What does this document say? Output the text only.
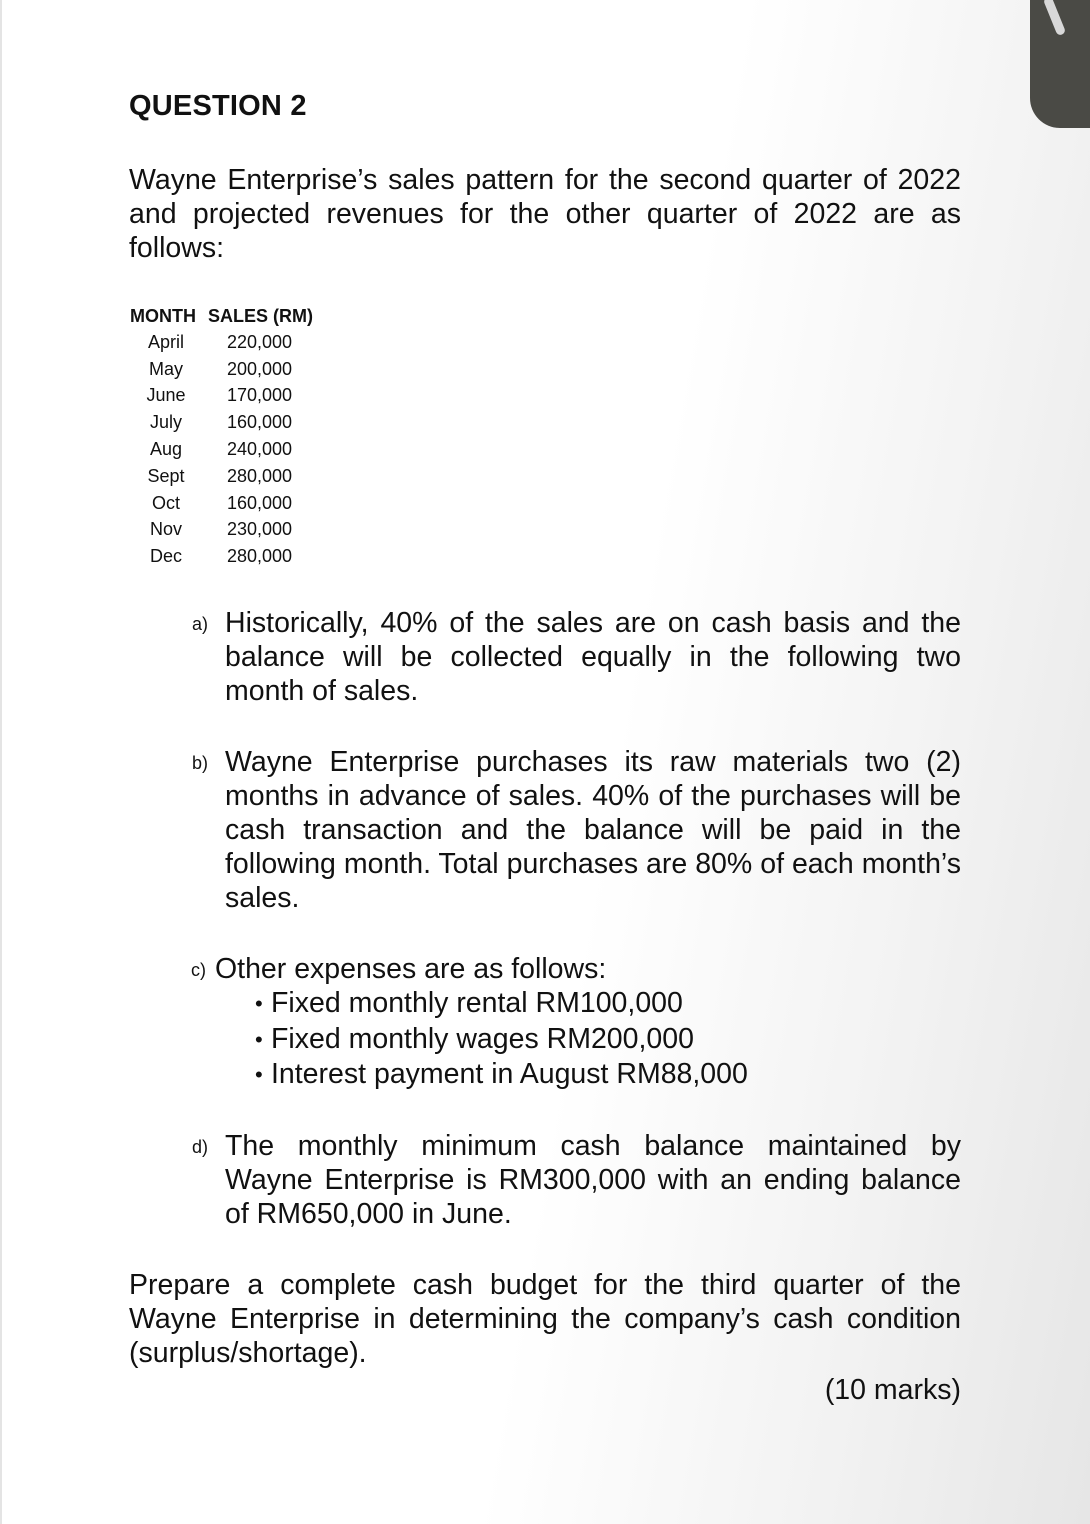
QUESTION 2

Wayne Enterprise’s sales pattern for the second quarter of 2022 and projected revenues for the other quarter of 2022 are as follows:

MONTH	SALES (RM)
April	220,000
May	200,000
June	170,000
July	160,000
Aug	240,000
Sept	280,000
Oct	160,000
Nov	230,000
Dec	280,000
a) Historically, 40% of the sales are on cash basis and the balance will be collected equally in the following two month of sales.
b) Wayne Enterprise purchases its raw materials two (2) months in advance of sales. 40% of the purchases will be cash transaction and the balance will be paid in the following month. Total purchases are 80% of each month’s sales.
c) Other expenses are as follows:
• Fixed monthly rental RM100,000
• Fixed monthly wages RM200,000
• Interest payment in August RM88,000
d) The monthly minimum cash balance maintained by Wayne Enterprise is RM300,000 with an ending balance of RM650,000 in June.

Prepare a complete cash budget for the third quarter of the Wayne Enterprise in determining the company’s cash condition (surplus/shortage).

(10 marks)
